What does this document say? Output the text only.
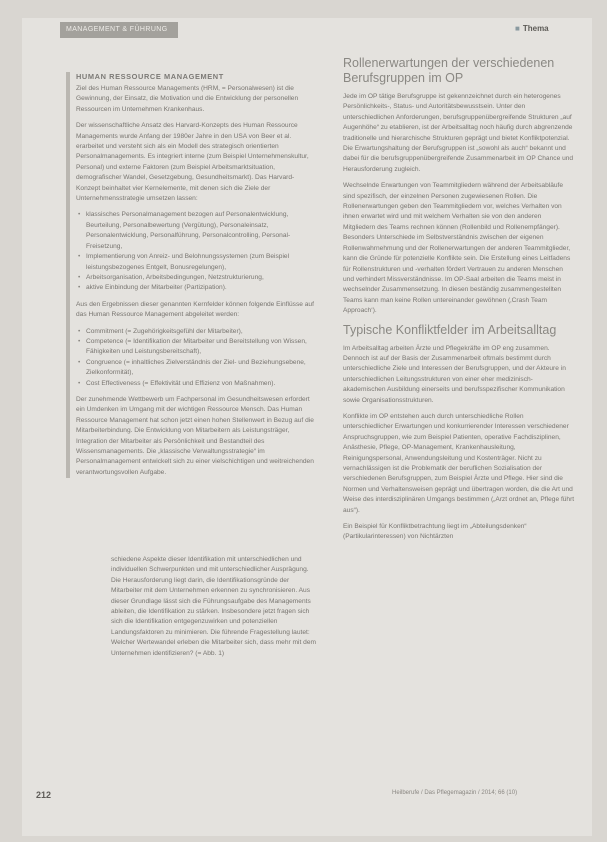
MANAGEMENT & FÜHRUNG	■ Thema
HUMAN RESSOURCE MANAGEMENT

Ziel des Human Ressource Managements (HRM, = Personalwesen) ist die Gewinnung, der Einsatz, die Motivation und die Entwicklung der personellen Ressourcen im Unternehmen Krankenhaus.

Der wissenschaftliche Ansatz des Harvard-Konzepts des Human Ressource Managements wurde Anfang der 1980er Jahre in den USA von Beer et al. erarbeitet und versteht sich als ein Modell des strategisch orientierten Personalmanagements. Es integriert interne (zum Beispiel Unternehmenskultur, Personal) und externe Faktoren (zum Beispiel Arbeitsmarktsituation, demografischer Wandel, Gesetzgebung, Gesundheitsmarkt). Das Harvard-Konzept beinhaltet vier Kernelemente, mit denen sich die Ziele der Unternehmensstrategie umsetzen lassen:

• klassisches Personalmanagement bezogen auf Personalentwicklung, Beurteilung, Personalbewertung (Vergütung), Personaleinsatz, Personalentwicklung, Personalführung, Personalcontrolling, Personal-Freisetzung,
• Implementierung von Anreiz- und Belohnungssystemen (zum Beispiel leistungsbezogenes Entgelt, Bonusregelungen),
• Arbeitsorganisation, Arbeitsbedingungen, Netzstrukturierung,
• aktive Einbindung der Mitarbeiter (Partizipation).

Aus den Ergebnissen dieser genannten Kernfelder können folgende Einflüsse auf das Human Ressource Management abgeleitet werden:

• Commitment (= Zugehörigkeitsgefühl der Mitarbeiter),
• Competence (= Identifikation der Mitarbeiter und Bereitstellung von Wissen, Fähigkeiten und Leistungsbereitschaft),
• Congruence (= inhaltliches Zielverständnis der Ziel- und Beziehungsebene, Zielkonformität),
• Cost Effectiveness (= Effektivität und Effizienz von Maßnahmen).

Der zunehmende Wettbewerb um Fachpersonal im Gesundheitswesen erfordert ein Umdenken im Umgang mit der wichtigen Ressource Mensch. Das Human Ressource Management hat schon jetzt einen hohen Stellenwert in Bezug auf die Mitarbeiterbindung. Die Entwicklung von Mitarbeitern als Leistungsträger, Integration der Mitarbeiter als Persönlichkeit und Bestandteil des Wissensmanagements. Die „klassische Verwaltungsstrategie“ im Personalmanagement entwickelt sich zu einer vielschichtigen und weitreichenden verantwortungsvollen Aufgabe.

schiedene Aspekte dieser Identifikation mit unterschiedlichen und individuellen Schwerpunkten und mit unterschiedlicher Ausprägung. Die Herausforderung liegt darin, die Identifikationsgründe der Mitarbeiter mit dem Unternehmen erkennen zu synchronisieren. Aus dieser Grundlage lässt sich die Führungsaufgabe des Managements ableiten, die Identifikation zu stärken. Insbesondere jetzt fragen sich sich die Identifikation entgegenzuwirken und potenziellen Landungsfaktoren zu minimieren. Die führende Fragestellung lautet: Welcher Wertewandel erleben die Mitarbeiter sich, dass mehr mit dem Unternehmen identifizieren? (= Abb. 1)

Rollenerwartungen der verschiedenen Berufsgruppen im OP

Jede im OP tätige Berufsgruppe ist gekennzeichnet durch ein heterogenes Persönlichkeits-, Status- und Autoritätsbewusstsein. Unter den unterschiedlichen Anforderungen, berufsgruppenübergreifende Strukturen „auf Augenhöhe“ zu etablieren, ist der Arbeitsalltag noch häufig durch abgrenzende traditionelle und hierarchische Strukturen geprägt und bietet Konfliktpotenzial. Die Erwartungshaltung der Berufsgruppen ist „sowohl als auch“ bekannt und dabei für die berufsgruppenübergreifende Zusammenarbeit im OP Chance und Herausforderung zugleich.

Wechselnde Erwartungen von Teammitgliedern während der Arbeitsabläufe sind spezifisch, der einzelnen Personen zugewiesenen Rollen. Die Rollenerwartungen geben den Teammitgliedern vor, welches Verhalten von ihnen erwartet wird und mit welchem Verhalten sie von den anderen Mitgliedern des Teams rechnen können (Rollenbild und Rollenempfänger). Besonders Unterschiede im Selbstverständnis zwischen der eigenen Rollenwahrnehmung und der Rollenerwartungen der anderen Teammitglieder, kann die Gründe für potenzielle Konflikte sein. Die Erstellung eines Leitfadens für Rollenstrukturen und -verhalten fördert Vertrauen zu anderen Menschen und verhindert Missverständnisse. Im OP-Saal arbeiten die Teams meist in wechselnder Zusammensetzung. In diesen beständig zusammengestellten Teams kann man keine Rollen untereinander gewöhnen (‚Crash Team Approach‘).

Typische Konfliktfelder im Arbeitsalltag

Im Arbeitsalltag arbeiten Ärzte und Pflegekräfte im OP eng zusammen. Dennoch ist auf der Basis der Zusammenarbeit oftmals bestimmt durch unterschiedliche Ziele und Interessen der Berufsgruppen, und der Akteure in unterschiedlichen Leitungsstrukturen von einer eher medizinisch-akademischen Ausbildung einerseits und berufsspezifischer Kommunikation sowie Organisationsstrukturen.

Konflikte im OP entstehen auch durch unterschiedliche Rollen unterschiedlicher Erwartungen und konkurrierender Interessen verschiedener Anspruchsgruppen, wie zum Beispiel Patienten, operative Fachdisziplinen, Anästhesie, Pflege, OP-Management, Krankenhausleitung, Reinigungspersonal, Anwendungsleitung und Kostenträger. Nicht zu vernachlässigen ist die Problematik der beruflichen Sozialisation der verschiedenen Berufsgruppen, zum Beispiel Ärzte und Pflege. Hier sind die Normen und Verhaltensweisen geprägt und übertragen worden, die die Art und Weise des interdisziplinären Umgangs bestimmen („Arzt ordnet an, Pflege führt aus“).

Ein Beispiel für Konfliktbetrachtung liegt im „Abteilungsdenken“ (Partikularinteressen) von Nichtärzten

212	Heilberufe / Das Pflegemagazin / 2014; 66 (10)
